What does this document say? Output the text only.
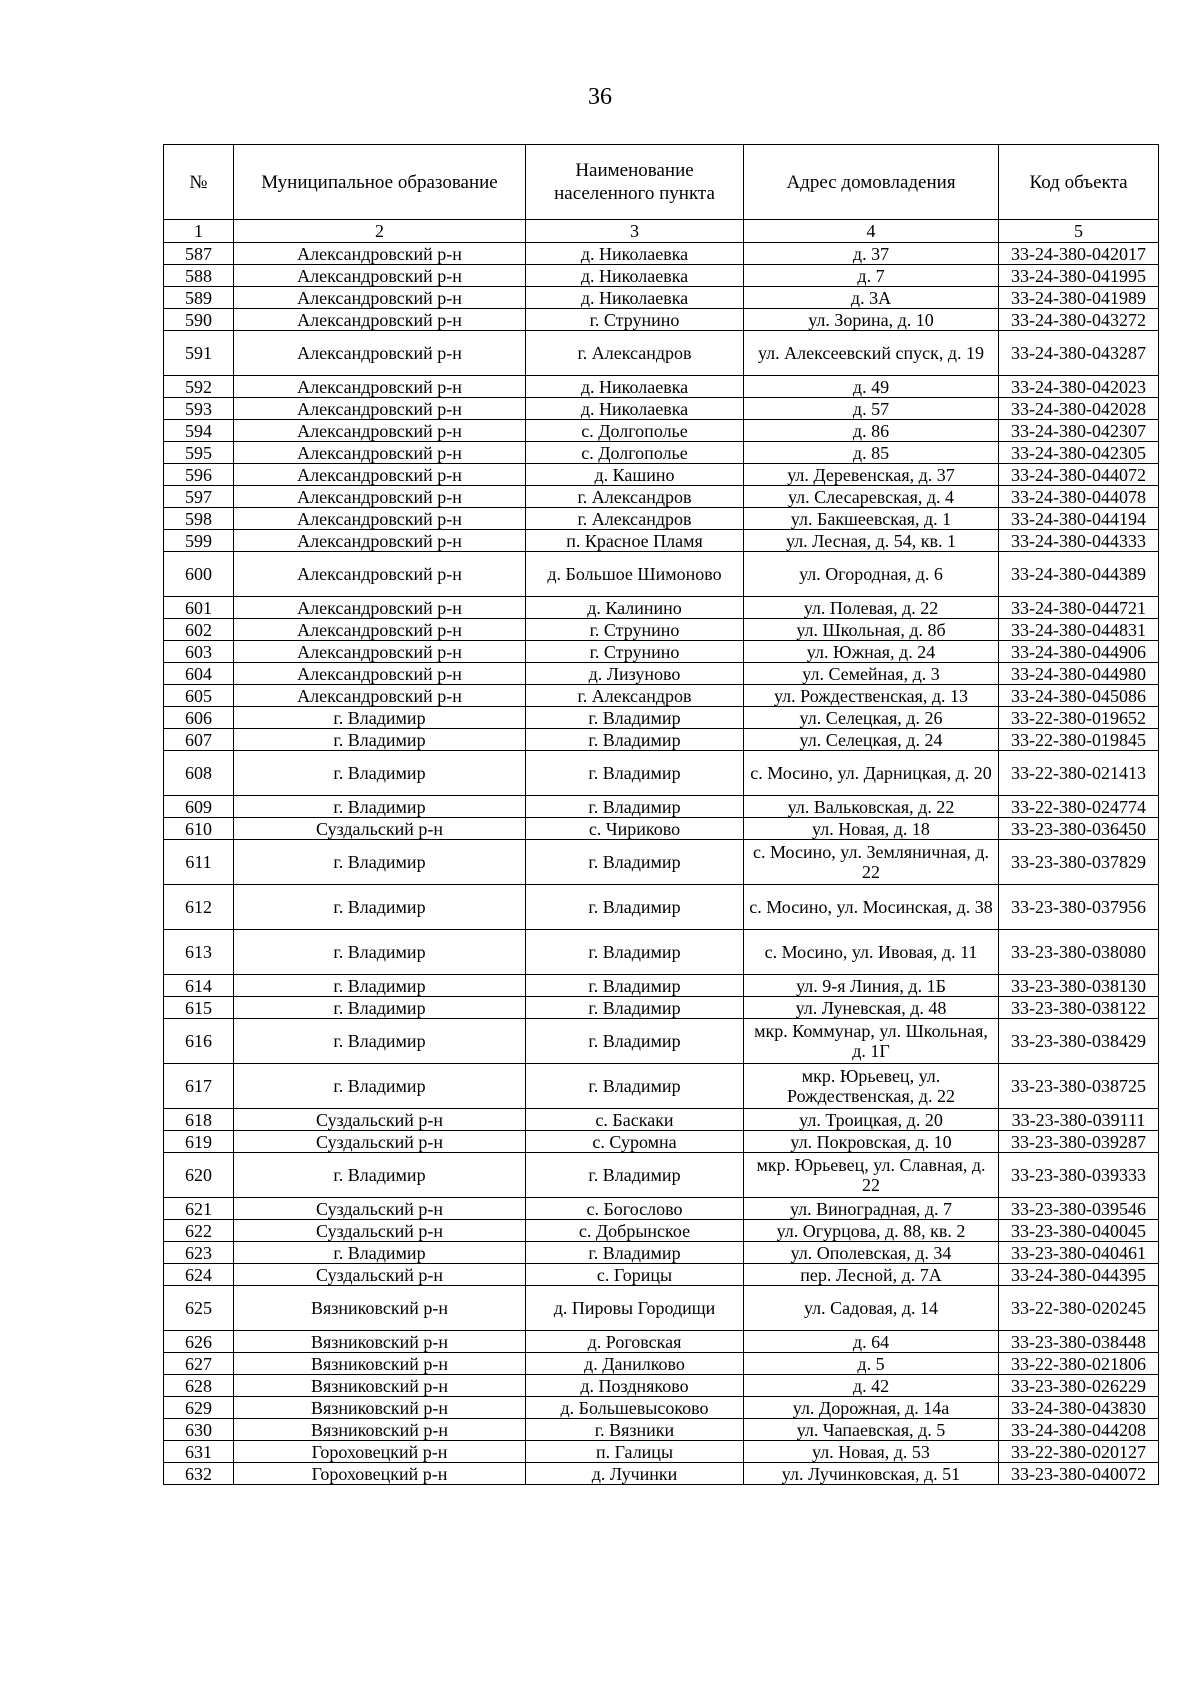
36
№	Муниципальное образование	Наименование населенного пункта	Адрес домовладения	Код объекта
1	2	3	4	5
587	Александровский р-н	д. Николаевка	д. 37	33-24-380-042017
588	Александровский р-н	д. Николаевка	д. 7	33-24-380-041995
589	Александровский р-н	д. Николаевка	д. 3А	33-24-380-041989
590	Александровский р-н	г. Струнино	ул. Зорина, д. 10	33-24-380-043272
591	Александровский р-н	г. Александров	ул. Алексеевский спуск, д. 19	33-24-380-043287
592	Александровский р-н	д. Николаевка	д. 49	33-24-380-042023
593	Александровский р-н	д. Николаевка	д. 57	33-24-380-042028
594	Александровский р-н	с. Долгополье	д. 86	33-24-380-042307
595	Александровский р-н	с. Долгополье	д. 85	33-24-380-042305
596	Александровский р-н	д. Кашино	ул. Деревенская, д. 37	33-24-380-044072
597	Александровский р-н	г. Александров	ул. Слесаревская, д. 4	33-24-380-044078
598	Александровский р-н	г. Александров	ул. Бакшеевская, д. 1	33-24-380-044194
599	Александровский р-н	п. Красное Пламя	ул. Лесная, д. 54, кв. 1	33-24-380-044333
600	Александровский р-н	д. Большое Шимоново	ул. Огородная, д. 6	33-24-380-044389
601	Александровский р-н	д. Калинино	ул. Полевая, д. 22	33-24-380-044721
602	Александровский р-н	г. Струнино	ул. Школьная, д. 8б	33-24-380-044831
603	Александровский р-н	г. Струнино	ул. Южная, д. 24	33-24-380-044906
604	Александровский р-н	д. Лизуново	ул. Семейная, д. 3	33-24-380-044980
605	Александровский р-н	г. Александров	ул. Рождественская, д. 13	33-24-380-045086
606	г. Владимир	г. Владимир	ул. Селецкая, д. 26	33-22-380-019652
607	г. Владимир	г. Владимир	ул. Селецкая, д. 24	33-22-380-019845
608	г. Владимир	г. Владимир	с. Мосино, ул. Дарницкая, д. 20	33-22-380-021413
609	г. Владимир	г. Владимир	ул. Вальковская, д. 22	33-22-380-024774
610	Суздальский р-н	с. Чириково	ул. Новая, д. 18	33-23-380-036450
611	г. Владимир	г. Владимир	с. Мосино, ул. Земляничная, д. 22	33-23-380-037829
612	г. Владимир	г. Владимир	с. Мосино, ул. Мосинская, д. 38	33-23-380-037956
613	г. Владимир	г. Владимир	с. Мосино, ул. Ивовая, д. 11	33-23-380-038080
614	г. Владимир	г. Владимир	ул. 9-я Линия, д. 1Б	33-23-380-038130
615	г. Владимир	г. Владимир	ул. Луневская, д. 48	33-23-380-038122
616	г. Владимир	г. Владимир	мкр. Коммунар, ул. Школьная, д. 1Г	33-23-380-038429
617	г. Владимир	г. Владимир	мкр. Юрьевец, ул. Рождественская, д. 22	33-23-380-038725
618	Суздальский р-н	с. Баскаки	ул. Троицкая, д. 20	33-23-380-039111
619	Суздальский р-н	с. Суромна	ул. Покровская, д. 10	33-23-380-039287
620	г. Владимир	г. Владимир	мкр. Юрьевец, ул. Славная, д. 22	33-23-380-039333
621	Суздальский р-н	с. Богослово	ул. Виноградная, д. 7	33-23-380-039546
622	Суздальский р-н	с. Добрынское	ул. Огурцова, д. 88, кв. 2	33-23-380-040045
623	г. Владимир	г. Владимир	ул. Ополевская, д. 34	33-23-380-040461
624	Суздальский р-н	с. Горицы	пер. Лесной, д. 7А	33-24-380-044395
625	Вязниковский р-н	д. Пировы Городищи	ул. Садовая, д. 14	33-22-380-020245
626	Вязниковский р-н	д. Роговская	д. 64	33-23-380-038448
627	Вязниковский р-н	д. Данилково	д. 5	33-22-380-021806
628	Вязниковский р-н	д. Поздняково	д. 42	33-23-380-026229
629	Вязниковский р-н	д. Большевысоково	ул. Дорожная, д. 14а	33-24-380-043830
630	Вязниковский р-н	г. Вязники	ул. Чапаевская, д. 5	33-24-380-044208
631	Гороховецкий р-н	п. Галицы	ул. Новая, д. 53	33-22-380-020127
632	Гороховецкий р-н	д. Лучинки	ул. Лучинковская, д. 51	33-23-380-040072
